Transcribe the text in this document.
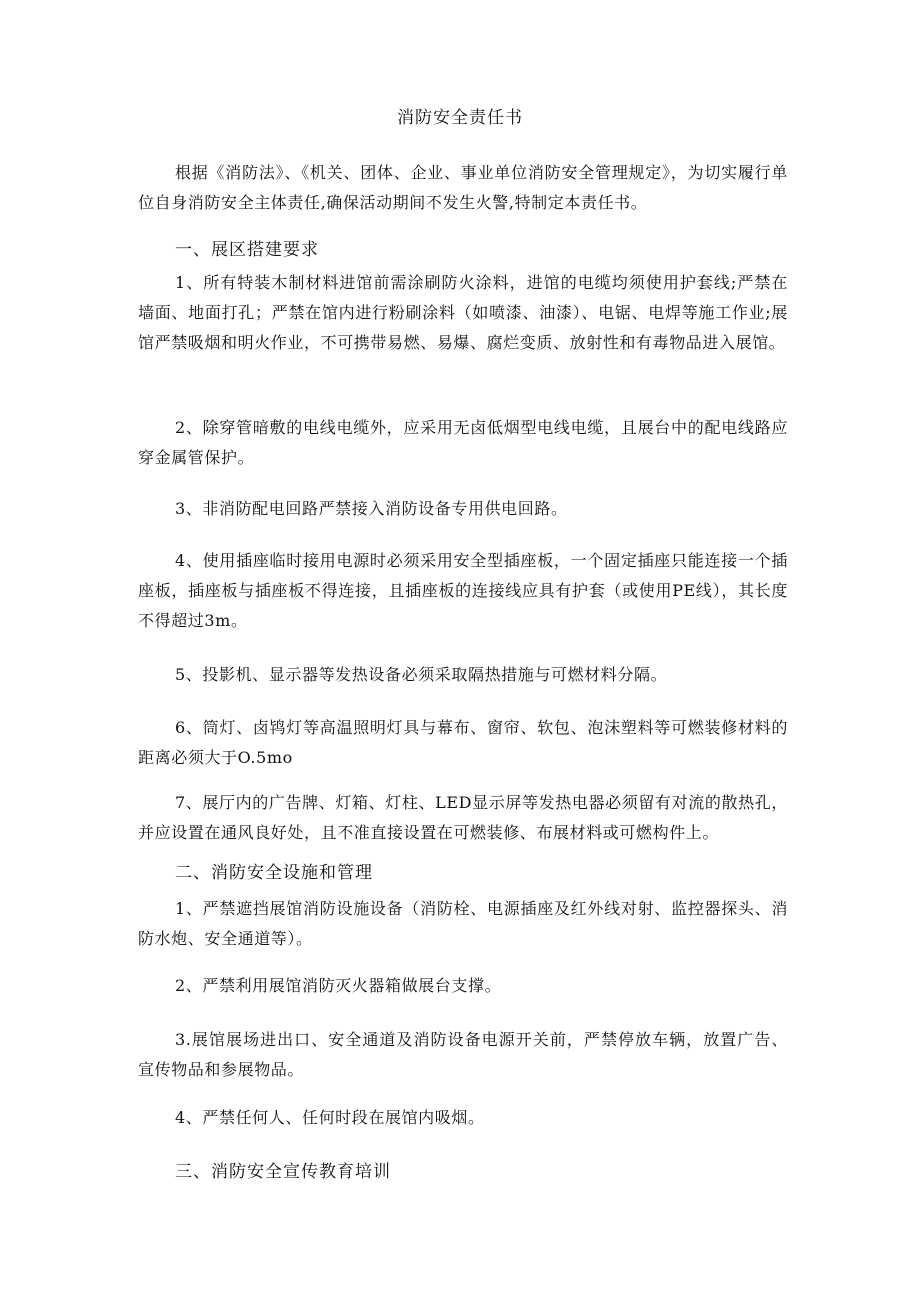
消防安全责任书

根据《消防法》、《机关、团体、企业、事业单位消防安全管理规定》，为切实履行单位自身消防安全主体责任,确保活动期间不发生火警,特制定本责任书。

一、展区搭建要求

1、所有特装木制材料进馆前需涂刷防火涂料，进馆的电缆均须使用护套线;严禁在墙面、地面打孔；严禁在馆内进行粉刷涂料（如喷漆、油漆）、电锯、电焊等施工作业;展馆严禁吸烟和明火作业，不可携带易燃、易爆、腐烂变质、放射性和有毒物品进入展馆。

2、除穿管暗敷的电线电缆外，应采用无卤低烟型电线电缆，且展台中的配电线路应穿金属管保护。

3、非消防配电回路严禁接入消防设备专用供电回路。

4、使用插座临时接用电源时必须采用安全型插座板，一个固定插座只能连接一个插座板，插座板与插座板不得连接，且插座板的连接线应具有护套（或使用PE线），其长度不得超过3m。

5、投影机、显示器等发热设备必须采取隔热措施与可燃材料分隔。

6、筒灯、卤鸨灯等高温照明灯具与幕布、窗帘、软包、泡沫塑料等可燃装修材料的距离必须大于O.5mo

7、展厅内的广告牌、灯箱、灯柱、LED显示屏等发热电器必须留有对流的散热孔，并应设置在通风良好处，且不准直接设置在可燃装修、布展材料或可燃构件上。

二、消防安全设施和管理

1、严禁遮挡展馆消防设施设备（消防栓、电源插座及红外线对射、监控器探头、消防水炮、安全通道等）。

2、严禁利用展馆消防灭火器箱做展台支撑。

3.展馆展场进出口、安全通道及消防设备电源开关前，严禁停放车辆，放置广告、宣传物品和参展物品。

4、严禁任何人、任何时段在展馆内吸烟。

三、消防安全宣传教育培训
